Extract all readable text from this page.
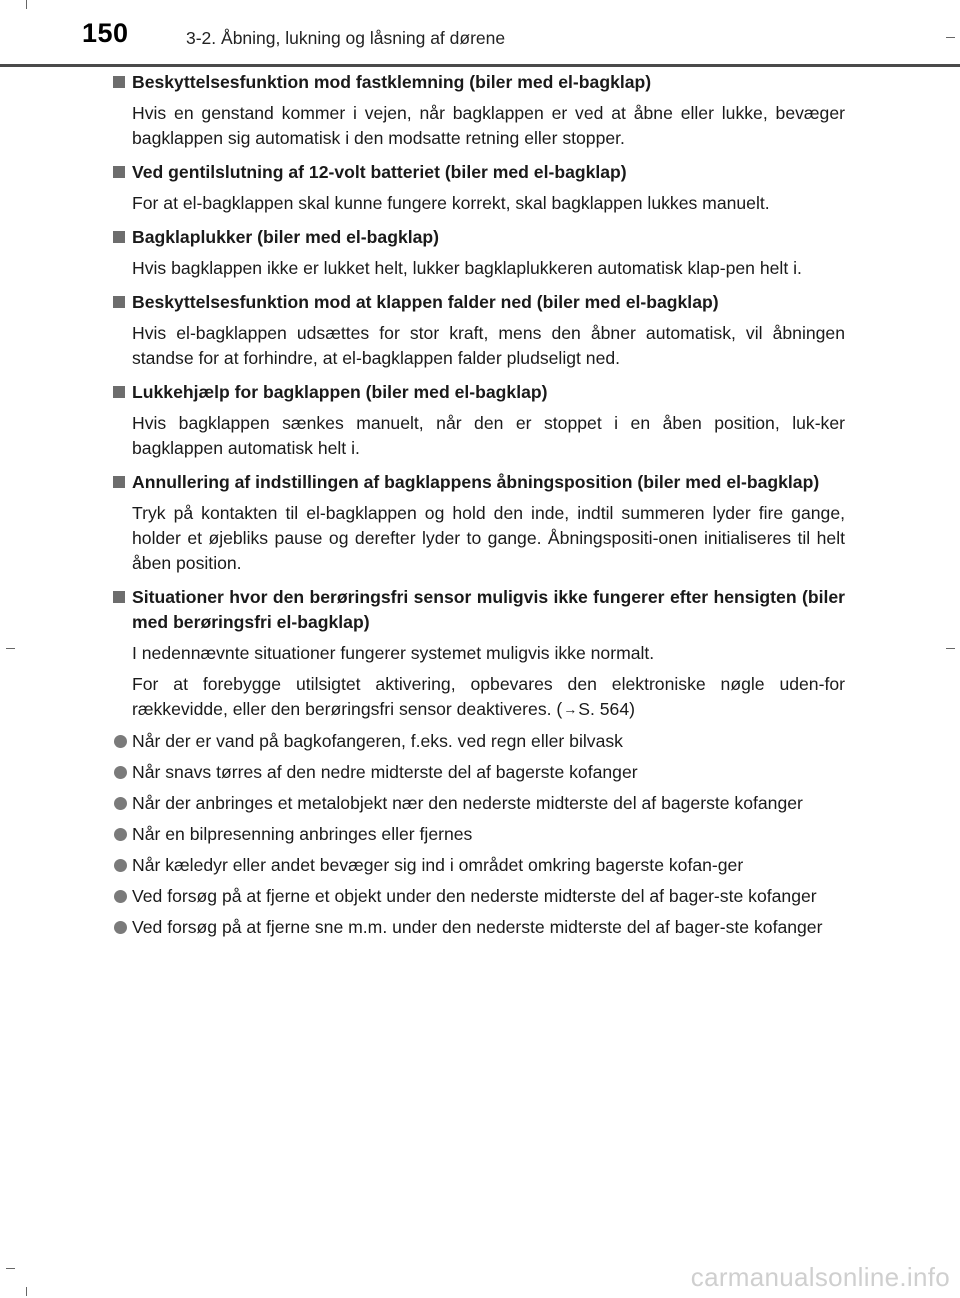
150	3-2. Åbning, lukning og låsning af dørene
Beskyttelsesfunktion mod fastklemning (biler med el-bagklap)
Hvis en genstand kommer i vejen, når bagklappen er ved at åbne eller lukke, bevæger bagklappen sig automatisk i den modsatte retning eller stopper.
Ved gentilslutning af 12-volt batteriet (biler med el-bagklap)
For at el-bagklappen skal kunne fungere korrekt, skal bagklappen lukkes manuelt.
Bagklaplukker (biler med el-bagklap)
Hvis bagklappen ikke er lukket helt, lukker bagklaplukkeren automatisk klap-pen helt i.
Beskyttelsesfunktion mod at klappen falder ned (biler med el-bagklap)
Hvis el-bagklappen udsættes for stor kraft, mens den åbner automatisk, vil åbningen standse for at forhindre, at el-bagklappen falder pludseligt ned.
Lukkehjælp for bagklappen (biler med el-bagklap)
Hvis bagklappen sænkes manuelt, når den er stoppet i en åben position, luk-ker bagklappen automatisk helt i.
Annullering af indstillingen af bagklappens åbningsposition (biler med el-bagklap)
Tryk på kontakten til el-bagklappen og hold den inde, indtil summeren lyder fire gange, holder et øjebliks pause og derefter lyder to gange. Åbningspositi-onen initialiseres til helt åben position.
Situationer hvor den berøringsfri sensor muligvis ikke fungerer efter hensigten (biler med berøringsfri el-bagklap)
I nedennævnte situationer fungerer systemet muligvis ikke normalt.
For at forebygge utilsigtet aktivering, opbevares den elektroniske nøgle uden-for rækkevidde, eller den berøringsfri sensor deaktiveres. (→S. 564)
Når der er vand på bagkofangeren, f.eks. ved regn eller bilvask
Når snavs tørres af den nedre midterste del af bagerste kofanger
Når der anbringes et metalobjekt nær den nederste midterste del af bagerste kofanger
Når en bilpresenning anbringes eller fjernes
Når kæledyr eller andet bevæger sig ind i området omkring bagerste kofan-ger
Ved forsøg på at fjerne et objekt under den nederste midterste del af bager-ste kofanger
Ved forsøg på at fjerne sne m.m. under den nederste midterste del af bager-ste kofanger
carmanualsonline.info
